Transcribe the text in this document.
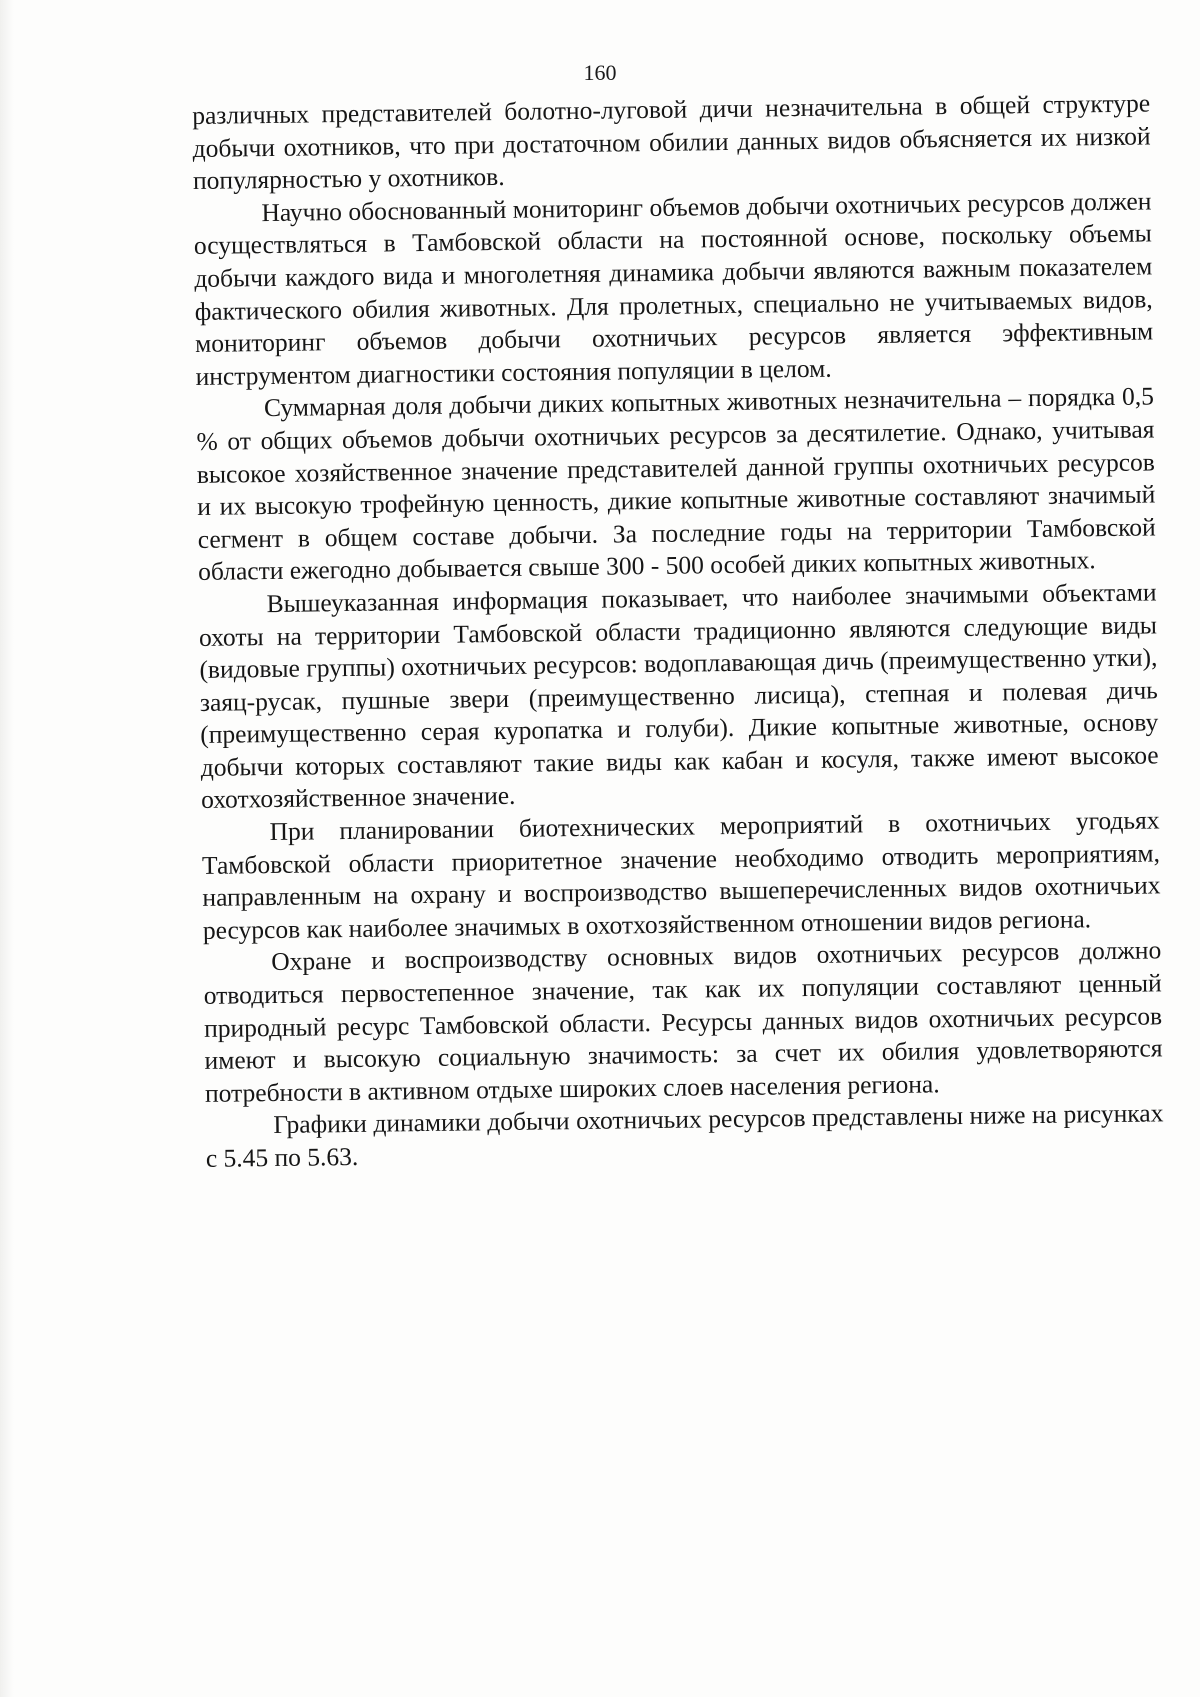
160

различных представителей болотно-луговой дичи незначительна в общей структуре добычи охотников, что при достаточном обилии данных видов объясняется их низкой популярностью у охотников.

Научно обоснованный мониторинг объемов добычи охотничьих ресурсов должен осуществляться в Тамбовской области на постоянной основе, поскольку объемы добычи каждого вида и многолетняя динамика добычи являются важным показателем фактического обилия животных. Для пролетных, специально не учитываемых видов, мониторинг объемов добычи охотничьих ресурсов является эффективным инструментом диагностики состояния популяции в целом.

Суммарная доля добычи диких копытных животных незначительна – порядка 0,5 % от общих объемов добычи охотничьих ресурсов за десятилетие. Однако, учитывая высокое хозяйственное значение представителей данной группы охотничьих ресурсов и их высокую трофейную ценность, дикие копытные животные составляют значимый сегмент в общем составе добычи. За последние годы на территории Тамбовской области ежегодно добывается свыше 300 - 500 особей диких копытных животных.

Вышеуказанная информация показывает, что наиболее значимыми объектами охоты на территории Тамбовской области традиционно являются следующие виды (видовые группы) охотничьих ресурсов: водоплавающая дичь (преимущественно утки), заяц-русак, пушные звери (преимущественно лисица), степная и полевая дичь (преимущественно серая куропатка и голуби). Дикие копытные животные, основу добычи которых составляют такие виды как кабан и косуля, также имеют высокое охотхозяйственное значение.

При планировании биотехнических мероприятий в охотничьих угодьях Тамбовской области приоритетное значение необходимо отводить мероприятиям, направленным на охрану и воспроизводство вышеперечисленных видов охотничьих ресурсов как наиболее значимых в охотхозяйственном отношении видов региона.

Охране и воспроизводству основных видов охотничьих ресурсов должно отводиться первостепенное значение, так как их популяции составляют ценный природный ресурс Тамбовской области. Ресурсы данных видов охотничьих ресурсов имеют и высокую социальную значимость: за счет их обилия удовлетворяются потребности в активном отдыхе широких слоев населения региона.

Графики динамики добычи охотничьих ресурсов представлены ниже на рисунках с 5.45 по 5.63.
